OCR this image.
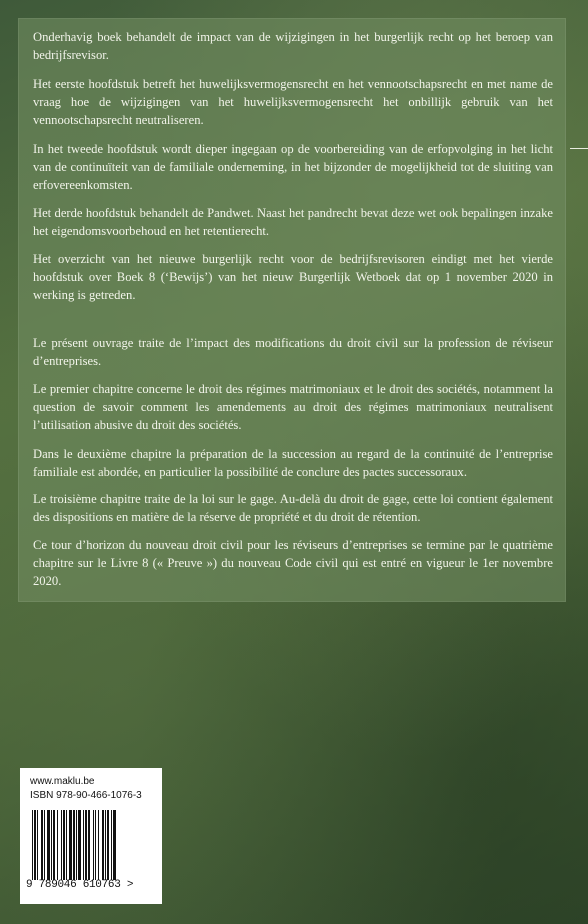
Onderhavig boek behandelt de impact van de wijzigingen in het burgerlijk recht op het beroep van bedrijfsrevisor.

Het eerste hoofdstuk betreft het huwelijksvermogensrecht en het vennootschapsrecht en met name de vraag hoe de wijzigingen van het huwelijksvermogensrecht het onbillijk gebruik van het vennootschapsrecht neutraliseren.

In het tweede hoofdstuk wordt dieper ingegaan op de voorbereiding van de erfopvolging in het licht van de continuïteit van de familiale onderneming, in het bijzonder de mogelijkheid tot de sluiting van erfovereenkomsten.

Het derde hoofdstuk behandelt de Pandwet. Naast het pandrecht bevat deze wet ook bepalingen inzake het eigendomsvoorbehoud en het retentierecht.

Het overzicht van het nieuwe burgerlijk recht voor de bedrijfsrevisoren eindigt met het vierde hoofdstuk over Boek 8 (‘Bewijs’) van het nieuw Burgerlijk Wetboek dat op 1 november 2020 in werking is getreden.

Le présent ouvrage traite de l’impact des modifications du droit civil sur la profession de réviseur d’entreprises.

Le premier chapitre concerne le droit des régimes matrimoniaux et le droit des sociétés, notamment la question de savoir comment les amendements au droit des régimes matrimoniaux neutralisent l’utilisation abusive du droit des sociétés.

Dans le deuxième chapitre la préparation de la succession au regard de la continuité de l’entreprise familiale est abordée, en particulier la possibilité de conclure des pactes successoraux.

Le troisième chapitre traite de la loi sur le gage. Au-delà du droit de gage, cette loi contient également des dispositions en matière de la réserve de propriété et du droit de rétention.

Ce tour d’horizon du nouveau droit civil pour les réviseurs d’entreprises se termine par le quatrième chapitre sur le Livre 8 (« Preuve ») du nouveau Code civil qui est entré en vigueur le 1er novembre 2020.

www.maklu.be
ISBN 978-90-466-1076-3
9 789046 610763 >
